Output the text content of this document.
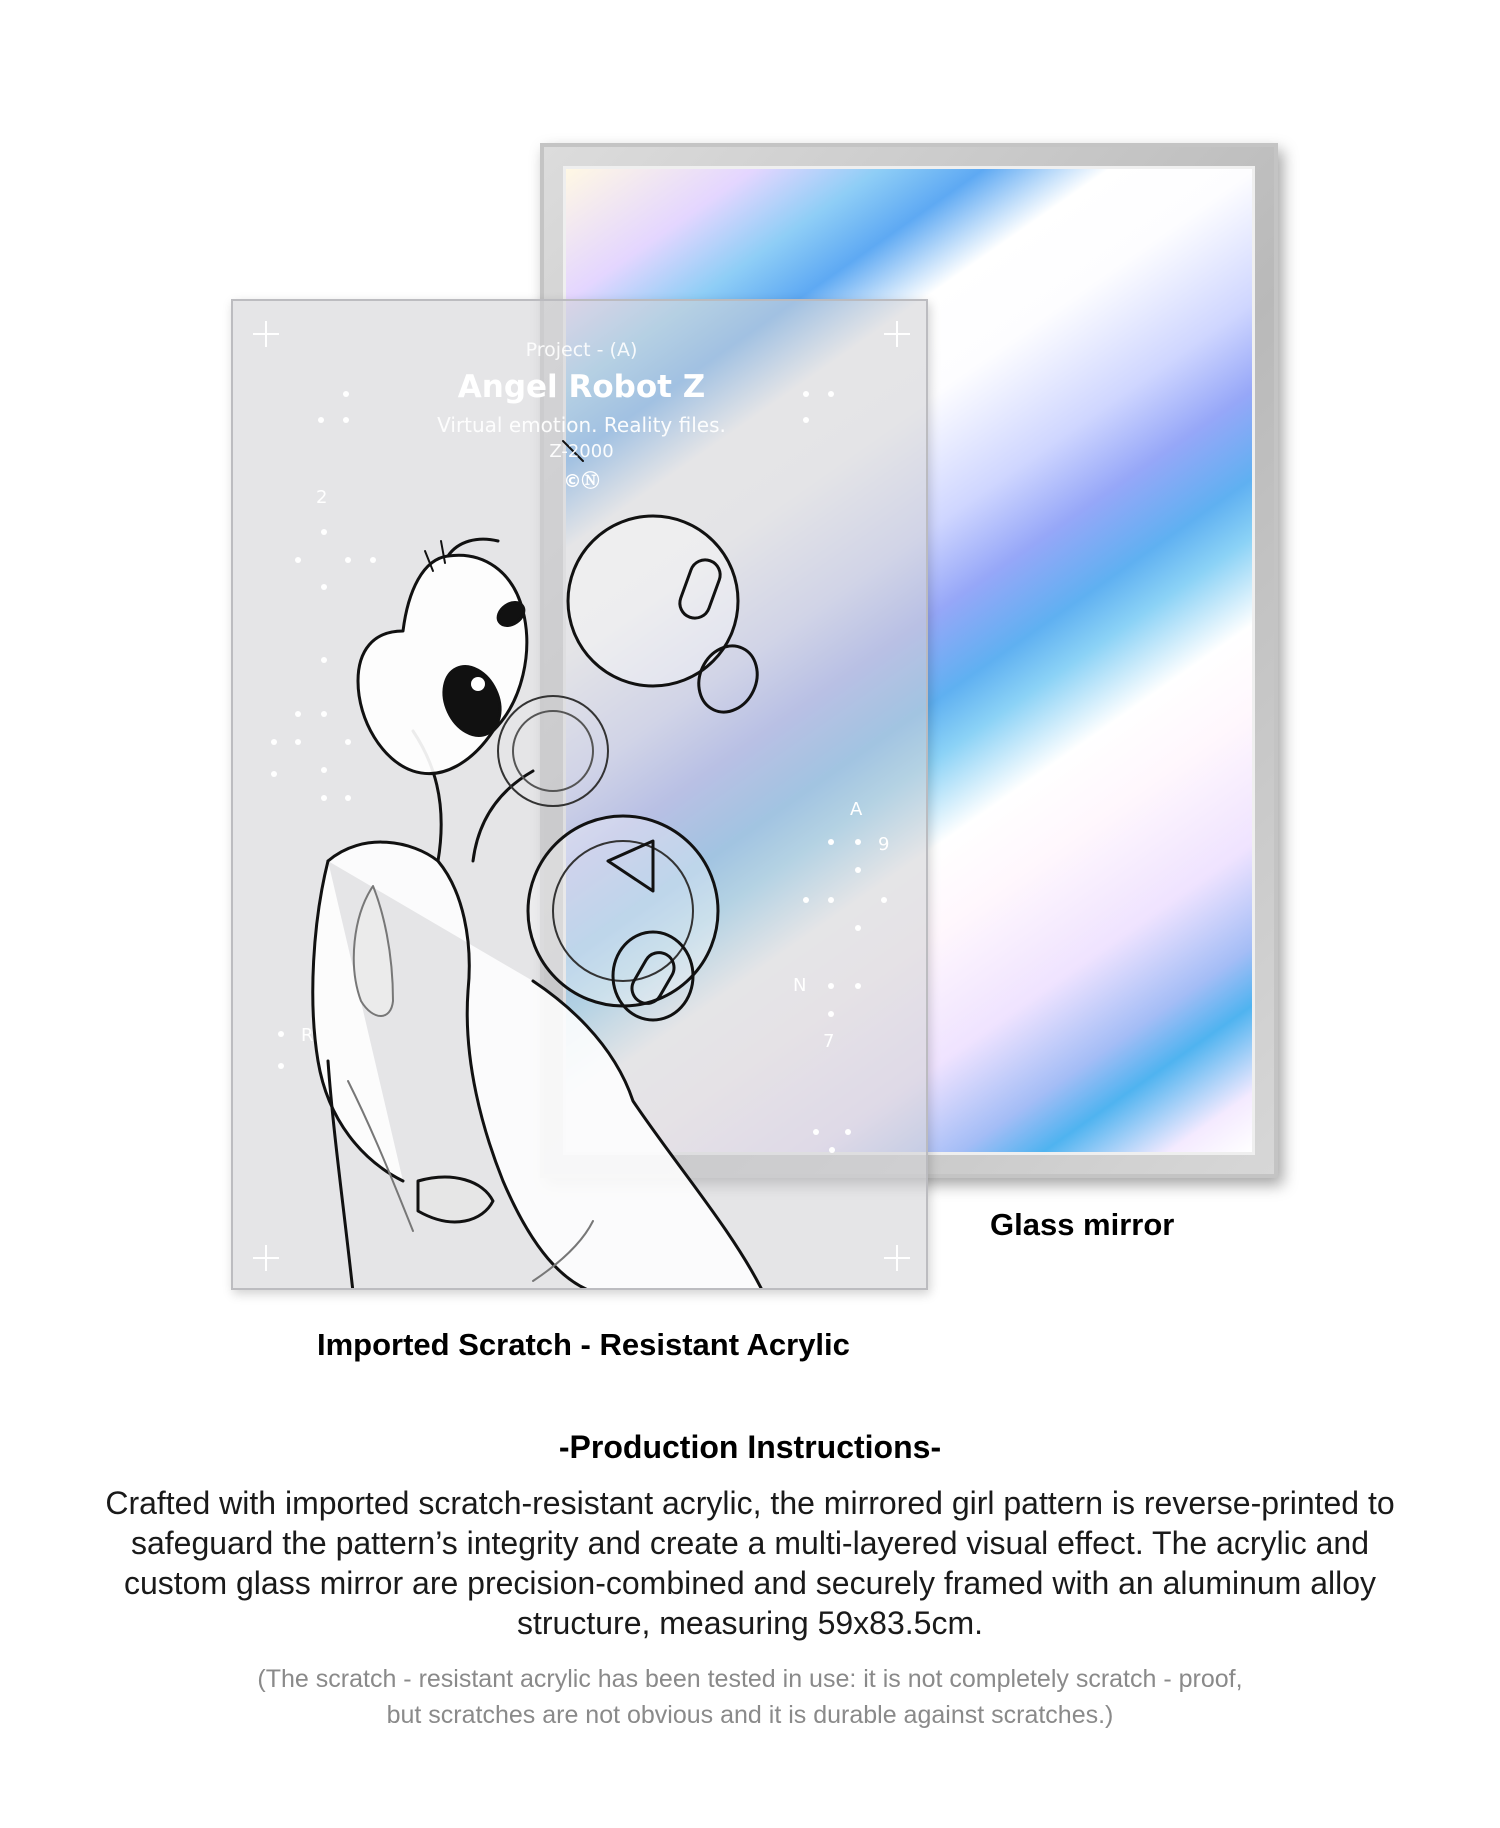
Project - (A)
Angel Robot Z
Virtual emotion. Reality files.
Z-2000
©Ⓝ
2
A
9
N
7
R
Glass mirror
Imported Scratch - Resistant Acrylic
-Production Instructions-
Crafted with imported scratch-resistant acrylic, the mirrored girl pattern is reverse-printed to safeguard the pattern’s integrity and create a multi-layered visual effect. The acrylic and custom glass mirror are precision-combined and securely framed with an aluminum alloy structure, measuring 59x83.5cm.
(The scratch - resistant acrylic has been tested in use: it is not completely scratch - proof,
but scratches are not obvious and it is durable against scratches.)
